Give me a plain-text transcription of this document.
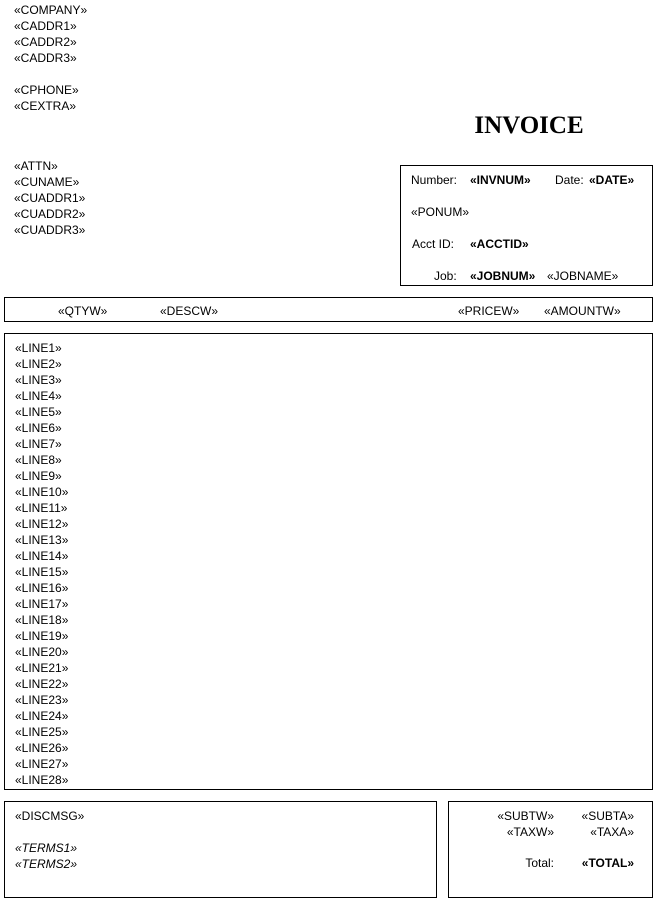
«COMPANY»
«CADDR1»
«CADDR2»
«CADDR3»
«CPHONE»
«CEXTRA»
INVOICE
«ATTN»
«CUNAME»
«CUADDR1»
«CUADDR2»
«CUADDR3»
Number: «INVNUM» Date: «DATE»
«PONUM»
Acct ID: «ACCTID»
Job: «JOBNUM» «JOBNAME»
«QTYW»	«DESCW»	«PRICEW» «AMOUNTW»
«LINE1»
«LINE2»
«LINE3»
«LINE4»
«LINE5»
«LINE6»
«LINE7»
«LINE8»
«LINE9»
«LINE10»
«LINE11»
«LINE12»
«LINE13»
«LINE14»
«LINE15»
«LINE16»
«LINE17»
«LINE18»
«LINE19»
«LINE20»
«LINE21»
«LINE22»
«LINE23»
«LINE24»
«LINE25»
«LINE26»
«LINE27»
«LINE28»
«DISCMSG»
«TERMS1»
«TERMS2»
«SUBTW» «SUBTA»
«TAXW»	«TAXA»
Total: «TOTAL»
